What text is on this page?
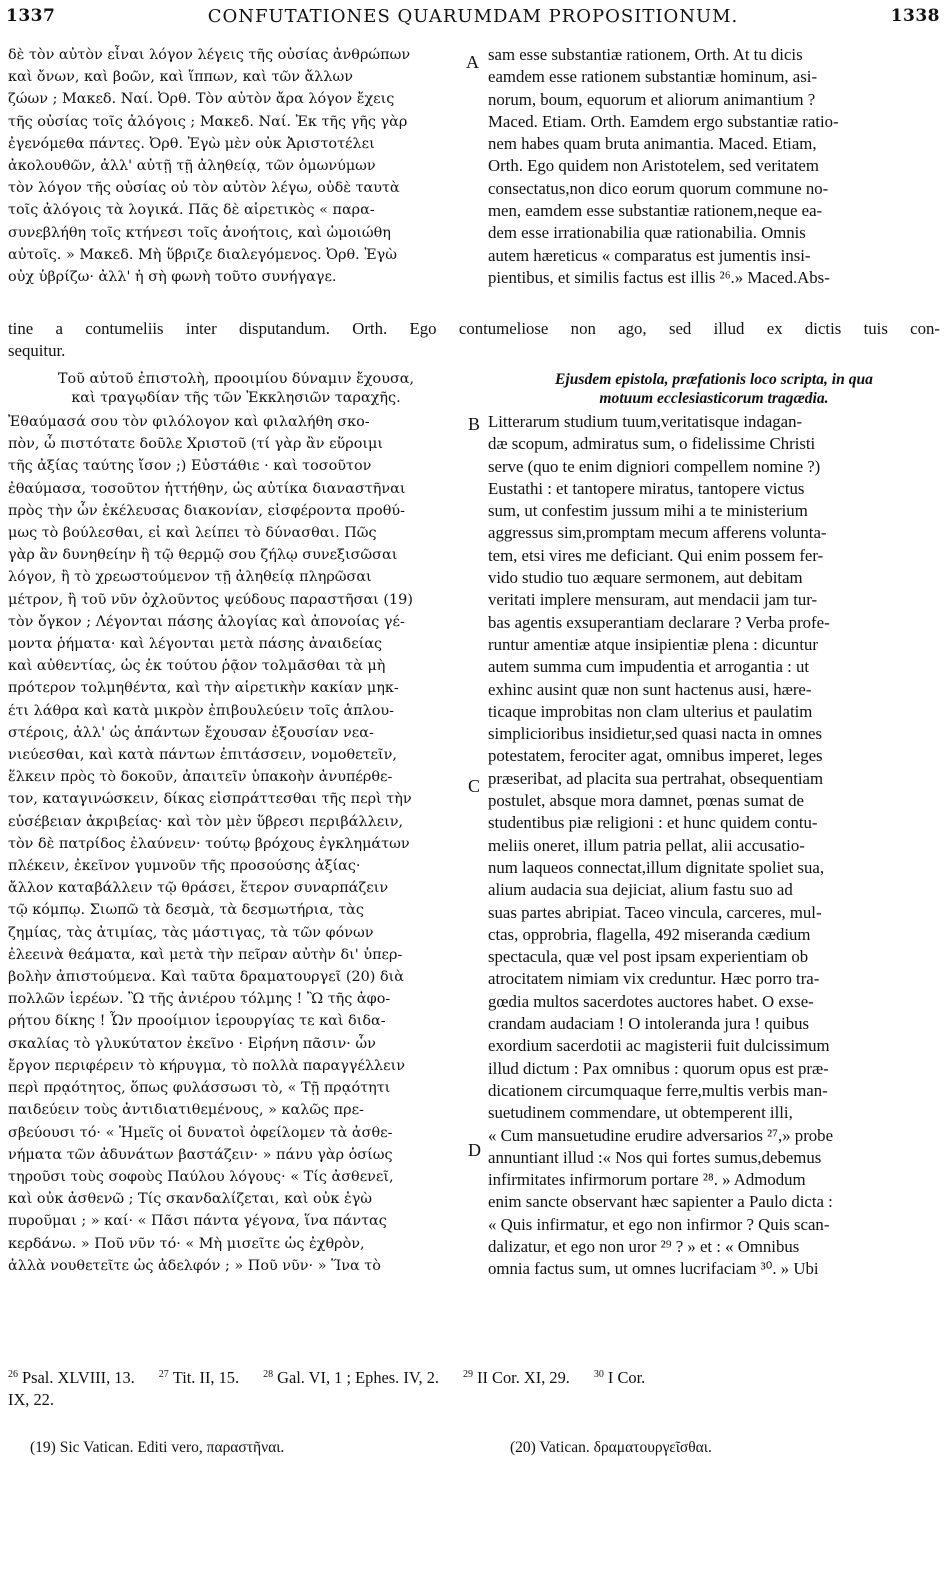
1337	CONFUTATIONES QUARUMDAM PROPOSITIONUM.	1338
δὲ τὸν αὐτὸν εἶναι λόγον λέγεις τῆς οὐσίας ἀνθρώπων
καὶ ὄνων, καὶ βοῶν, καὶ ἵππων, καὶ τῶν ἄλλων
ζώων ; Μακεδ. Ναί. Ὀρθ. Τὸν αὐτὸν ἄρα λόγον ἔχεις
τῆς οὐσίας τοῖς ἀλόγοις ; Μακεδ. Ναί. Ἐκ τῆς γῆς γὰρ
ἐγενόμεθα πάντες. Ὀρθ. Ἐγὼ μὲν οὐκ Ἀριστοτέλει
ἀκολουθῶν, ἀλλ' αὐτῇ τῇ ἀληθείᾳ, τῶν ὁμωνύμων
τὸν λόγον τῆς οὐσίας οὐ τὸν αὐτὸν λέγω, οὐδὲ ταυτὰ
τοῖς ἀλόγοις τὰ λογικά. Πᾶς δὲ αἱρετικὸς « παρα-
συνεβλήθη τοῖς κτήνεσι τοῖς ἀνοήτοις, καὶ ὡμοιώθη
αὐτοῖς. » Μακεδ. Μὴ ὕβριζε διαλεγόμενος. Ὀρθ. Ἐγὼ
οὐχ ὑβρίζω· ἀλλ' ἡ σὴ φωνὴ τοῦτο συνήγαγε.
A sam esse substantiæ rationem, Orth. At tu dicis
eamdem esse rationem substantiæ hominum, asi-
norum, boum, equorum et aliorum animantium ?
Maced. Etiam. Orth. Eamdem ergo substantiæ ratio-
nem habes quam bruta animantia. Maced. Etiam,
Orth. Ego quidem non Aristotelem, sed veritatem
consectatus,non dico eorum quorum commune no-
men, eamdem esse substantiæ rationem,neque ea-
dem esse irrationabilia quæ rationabilia. Omnis
autem hæreticus « comparatus est jumentis insi-
pientibus, et similis factus est illis ²⁶.» Maced.Abs-
tine a contumeliis inter disputandum. Orth. Ego contumeliose non ago, sed illud ex dictis tuis con-
sequitur.
Τοῦ αὐτοῦ ἐπιστολὴ, προοιμίου δύναμιν ἔχουσα,
καὶ τραγῳδίαν τῆς τῶν Ἐκκλησιῶν ταραχῆς.
Ejusdem epistola, præfationis loco scripta, in qua
motuum ecclesiasticorum tragædia.
Ἐθαύμασά σου τὸν φιλόλογον καὶ φιλαλήθη σκο-
πὸν, ὦ πιστότατε δοῦλε Χριστοῦ (τί γὰρ ἂν εὕροιμι
τῆς ἀξίας ταύτης ἴσον ;) Εὐστάθιε · καὶ τοσοῦτον
ἐθαύμασα, τοσοῦτον ἡττήθην, ὡς αὐτίκα διαναστῆναι
πρὸς τὴν ὧν ἐκέλευσας διακονίαν, εἰσφέροντα προθύ-
μως τὸ βούλεσθαι, εἰ καὶ λείπει τὸ δύνασθαι. Πῶς
γὰρ ἂν δυνηθείην ἢ τῷ θερμῷ σου ζήλῳ συνεξισῶσαι
λόγον, ἢ τὸ χρεωστούμενον τῇ ἀληθείᾳ πληρῶσαι
μέτρον, ἢ τοῦ νῦν ὀχλοῦντος ψεύδους παραστῆσαι (19)
τὸν ὄγκον ; Λέγονται πάσης ἀλογίας καὶ ἀπονοίας γέ-
μοντα ῥήματα· καὶ λέγονται μετὰ πάσης ἀναιδείας
καὶ αὐθεντίας, ὡς ἐκ τούτου ῥᾷον τολμᾶσθαι τὰ μὴ
πρότερον τολμηθέντα, καὶ τὴν αἱρετικὴν κακίαν μηκ-
έτι λάθρα καὶ κατὰ μικρὸν ἐπιβουλεύειν τοῖς ἁπλου-
στέροις, ἀλλ' ὡς ἁπάντων ἔχουσαν ἐξουσίαν νεα-
νιεύεσθαι, καὶ κατὰ πάντων ἐπιτάσσειν, νομοθετεῖν,
ἕλκειν πρὸς τὸ δοκοῦν, ἀπαιτεῖν ὑπακοὴν ἀνυπέρθε-
τον, καταγινώσκειν, δίκας εἰσπράττεσθαι τῆς περὶ τὴν
εὐσέβειαν ἀκριβείας· καὶ τὸν μὲν ὕβρεσι περιβάλλειν,
τὸν δὲ πατρίδος ἐλαύνειν· τούτῳ βρόχους ἐγκλημάτων
πλέκειν, ἐκεῖνον γυμνοῦν τῆς προσούσης ἀξίας·
ἄλλον καταβάλλειν τῷ θράσει, ἕτερον συναρπάζειν
τῷ κόμπῳ. Σιωπῶ τὰ δεσμὰ, τὰ δεσμωτήρια, τὰς
ζημίας, τὰς ἀτιμίας, τὰς μάστιγας, τὰ τῶν φόνων
ἐλεεινὰ θεάματα, καὶ μετὰ τὴν πεῖραν αὐτὴν δι' ὑπερ-
βολὴν ἀπιστούμενα. Καὶ ταῦτα δραματουργεῖ (20) διὰ
πολλῶν ἱερέων. Ὢ τῆς ἀνιέρου τόλμης ! Ὢ τῆς ἀφο-
ρήτου δίκης ! Ὧν προοίμιον ἱερουργίας τε καὶ διδα-
σκαλίας τὸ γλυκύτατον ἐκεῖνο · Εἰρήνη πᾶσιν· ὧν
ἔργον περιφέρειν τὸ κήρυγμα, τὸ πολλὰ παραγγέλλειν
περὶ πρᾳότητος, ὅπως φυλάσσωσι τὸ, « Τῇ πρᾳότητι
παιδεύειν τοὺς ἀντιδιατιθεμένους, » καλῶς πρε-
σβεύουσι τό· « Ἡμεῖς οἱ δυνατοὶ ὀφείλομεν τὰ ἀσθε-
νήματα τῶν ἀδυνάτων βαστάζειν· » πάνυ γὰρ ὁσίως
τηροῦσι τοὺς σοφοὺς Παύλου λόγους· « Τίς ἀσθενεῖ,
καὶ οὐκ ἀσθενῶ ; Τίς σκανδαλίζεται, καὶ οὐκ ἐγὼ
πυροῦμαι ; » καί· « Πᾶσι πάντα γέγονα, ἵνα πάντας
κερδάνω. » Ποῦ νῦν τό· « Μὴ μισεῖτε ὡς ἐχθρὸν,
ἀλλὰ νουθετεῖτε ὡς ἀδελφόν ; » Ποῦ νῦν· » Ἵνα τὸ
Litterarum studium tuum,veritatisque indagan-
dæ scopum, admiratus sum, o fidelissime Christi
serve (quo te enim digniori compellem nomine ?)
Eustathi : et tantopere miratus, tantopere victus
sum, ut confestim jussum mihi a te ministerium
aggressus sim,promptam mecum afferens volunta-
tem, etsi vires me deficiant. Qui enim possem fer-
vido studio tuo æquare sermonem, aut debitam
veritati implere mensuram, aut mendacii jam tur-
bas agentis exsuperantiam declarare ? Verba profe-
runtur amentiæ atque insipientiæ plena : dicuntur
autem summa cum impudentia et arrogantia : ut
exhinc ausint quæ non sunt hactenus ausi, hære-
ticaque improbitas non clam ulterius et paulatim
simplicioribus insidietur,sed quasi nacta in omnes
potestatem, ferociter agat, omnibus imperet, leges
præseribat, ad placita sua pertrahat, obsequentiam
postulet, absque mora damnet, pœnas sumat de
studentibus piæ religioni : et hunc quidem contu-
meliis oneret, illum patria pellat, alii accusatio-
num laqueos connectat,illum dignitate spoliet sua,
alium audacia sua dejiciat, alium fastu suo ad
suas partes abripiat. Taceo vincula, carceres, mul-
ctas, opprobria, flagella, 492 miseranda cædium
spectacula, quæ vel post ipsam experientiam ob
atrocitatem nimiam vix creduntur. Hæc porro tra-
gœdia multos sacerdotes auctores habet. O exse-
crandam audaciam ! O intoleranda jura ! quibus
exordium sacerdotii ac magisterii fuit dulcissimum
illud dictum : Pax omnibus : quorum opus est præ-
dicationem circumquaque ferre,multis verbis man-
suetudinem commendare, ut obtemperent illi,
« Cum mansuetudine erudire adversarios ²⁷,» probe
annuntiant illud :« Nos qui fortes sumus,debemus
infirmitates infirmorum portare ²⁸. » Admodum
enim sancte observant hæc sapienter a Paulo dicta :
« Quis infirmatur, et ego non infirmor ? Quis scan-
dalizatur, et ego non uror ²⁹ ? » et : « Omnibus
omnia factus sum, ut omnes lucrifaciam ³⁰. » Ubi
B
C
D
$^{26}$ Psal. XLVIII, 13. $^{27}$ Tit. II, 15. $^{28}$ Gal. VI, 1 ; Ephes. IV, 2. $^{29}$ II Cor. XI, 29. $^{30}$ I Cor.
IX, 22.
(19) Sic Vatican. Editi vero, παραστῆναι.	(20) Vatican. δραματουργεῖσθαι.
